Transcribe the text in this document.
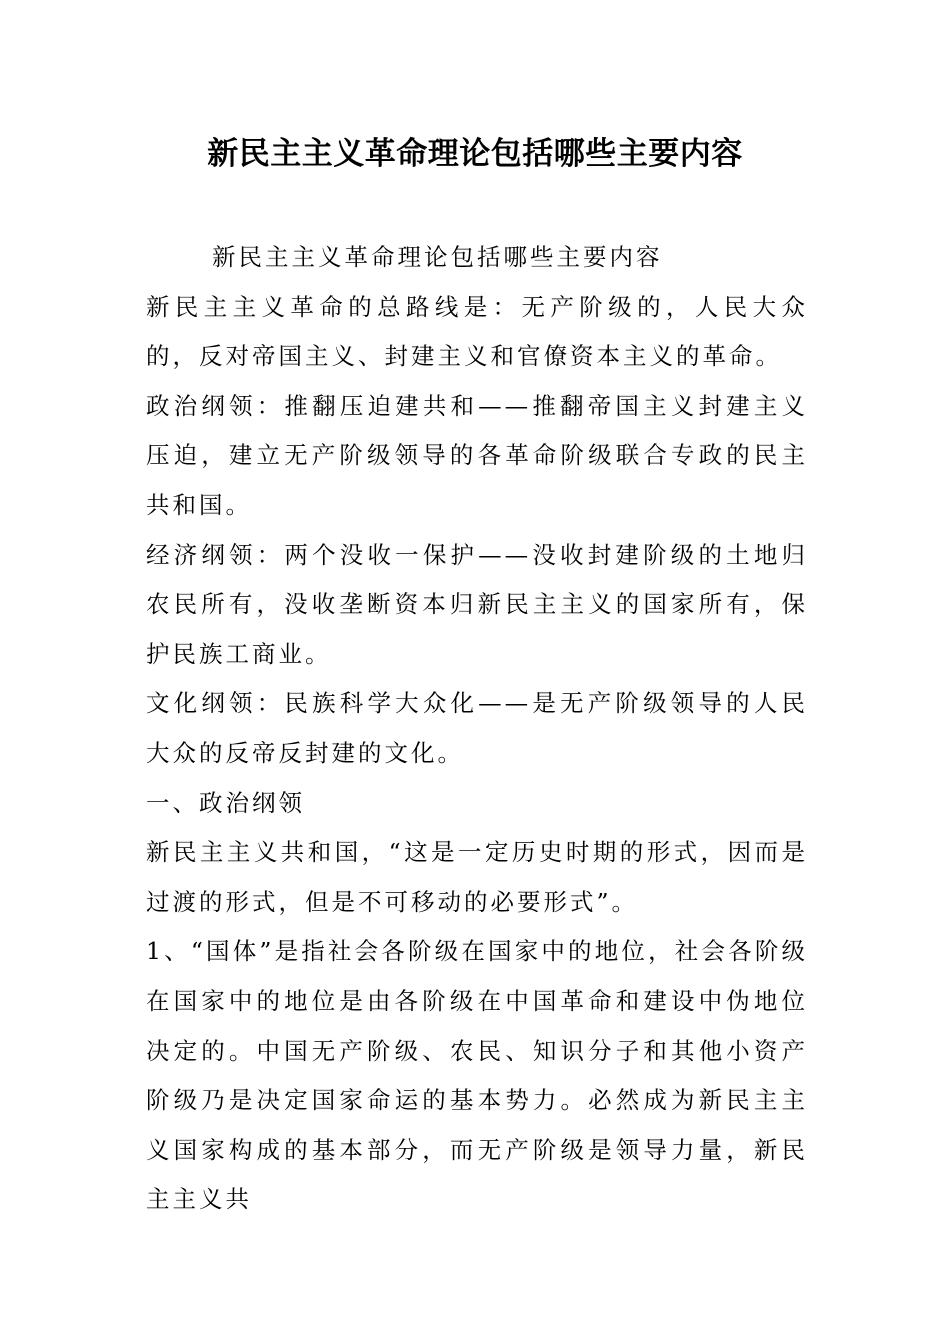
新民主主义革命理论包括哪些主要内容

新民主主义革命理论包括哪些主要内容

新民主主义革命的总路线是：无产阶级的，人民大众的，反对帝国主义、封建主义和官僚资本主义的革命。

政治纲领：推翻压迫建共和——推翻帝国主义封建主义压迫，建立无产阶级领导的各革命阶级联合专政的民主共和国。

经济纲领：两个没收一保护——没收封建阶级的土地归农民所有，没收垄断资本归新民主主义的国家所有，保护民族工商业。

文化纲领：民族科学大众化——是无产阶级领导的人民大众的反帝反封建的文化。

一、政治纲领

新民主主义共和国，“这是一定历史时期的形式，因而是过渡的形式，但是不可移动的必要形式”。

1、“国体”是指社会各阶级在国家中的地位，社会各阶级在国家中的地位是由各阶级在中国革命和建设中伪地位决定的。中国无产阶级、农民、知识分子和其他小资产阶级乃是决定国家命运的基本势力。必然成为新民主主义国家构成的基本部分，而无产阶级是领导力量，新民主主义共
